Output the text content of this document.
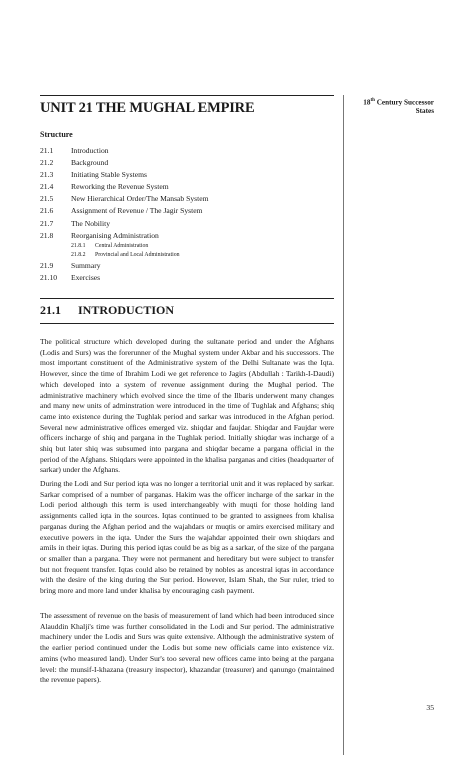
18th Century Successor
States
UNIT 21 THE MUGHAL EMPIRE
Structure
21.1 Introduction
21.2 Background
21.3 Initiating Stable Systems
21.4 Reworking the Revenue System
21.5 New Hierarchical Order/The Mansab System
21.6 Assignment of Revenue / The Jagir System
21.7 The Nobility
21.8 Reorganising Administration
21.8.1 Central Administration
21.8.2 Provincial and Local Administration
21.9 Summary
21.10 Exercises
21.1 INTRODUCTION

The political structure which developed during the sultanate period and under the Afghans (Lodis and Surs) was the forerunner of the Mughal system under Akbar and his successors. The most important constituent of the Administrative system of the Delhi Sultanate was the Iqta. However, since the time of Ibrahim Lodi we get reference to Jagirs (Abdullah : Tarikh-I-Daudi) which developed into a system of revenue assignment during the Mughal period. The administrative machinery which evolved since the time of the Ilbaris underwent many changes and many new units of adminstration were introduced in the time of Tughlak and Afghans; shiq came into existence during the Tughlak period and sarkar was introduced in the Afghan period. Several new administrative offices emerged viz. shiqdar and faujdar. Shiqdar and Faujdar were officers incharge of shiq and pargana in the Tughlak period. Initially shiqdar was incharge of a shiq but later shiq was subsumed into pargana and shiqdar became a pargana official in the period of the Afghans. Shiqdars were appointed in the khalisa parganas and cities (headquarter of sarkar) under the Afghans.

During the Lodi and Sur period iqta was no longer a territorial unit and it was replaced by sarkar. Sarkar comprised of a number of parganas. Hakim was the officer incharge of the sarkar in the Lodi period although this term is used interchangeably with muqti for those holding land assignments called iqta in the sources. Iqtas continued to be granted to assignees from khalisa parganas during the Afghan period and the wajahdars or muqtis or amirs exercised military and executive powers in the iqta. Under the Surs the wajahdar appointed their own shiqdars and amils in their iqtas. During this period iqtas could be as big as a sarkar, of the size of the pargana or smaller than a pargana. They were not permanent and hereditary but were subject to transfer but not frequent transfer. Iqtas could also be retained by nobles as ancestral iqtas in accordance with the desire of the king during the Sur period. However, Islam Shah, the Sur ruler, tried to bring more and more land under khalisa by encouraging cash payment.

The assessment of revenue on the basis of measurement of land which had been introduced since Alauddin Khalji's time was further consolidated in the Lodi and Sur period. The administrative machinery under the Lodis and Surs was quite extensive. Although the administrative system of the earlier period continued under the Lodis but some new officials came into existence viz. amins (who measured land). Under Sur's too several new offices came into being at the pargana level: the munsif-I-khazana (treasury inspector), khazandar (treasurer) and qanungo (maintained the revenue papers).

35
